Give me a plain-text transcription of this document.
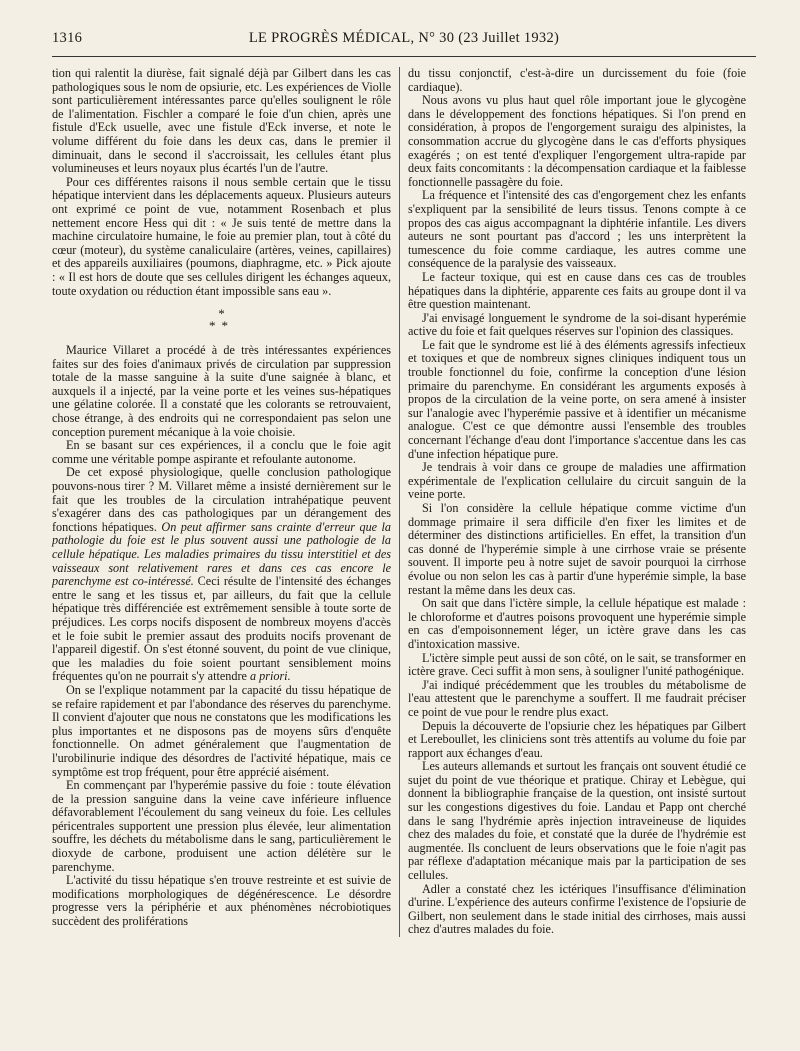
1316	LE PROGRÈS MÉDICAL, N° 30 (23 Juillet 1932)

tion qui ralentit la diurèse, fait signalé déjà par Gilbert dans les cas pathologiques sous le nom de opsiurie, etc. Les expériences de Violle sont particulièrement intéressantes parce qu'elles soulignent le rôle de l'alimentation. Fischler a comparé le foie d'un chien, après une fistule d'Eck usuelle, avec une fistule d'Eck inverse, et note le volume différent du foie dans les deux cas, dans le premier il diminuait, dans le second il s'accroissait, les cellules étant plus volumineuses et leurs noyaux plus écartés l'un de l'autre.

Pour ces différentes raisons il nous semble certain que le tissu hépatique intervient dans les déplacements aqueux. Plusieurs auteurs ont exprimé ce point de vue, notamment Rosenbach et plus nettement encore Hess qui dit : « Je suis tenté de mettre dans la machine circulatoire humaine, le foie au premier plan, tout à côté du cœur (moteur), du système canaliculaire (artères, veines, capillaires) et des appareils auxiliaires (poumons, diaphragme, etc. » Pick ajoute : « Il est hors de doute que ses cellules dirigent les échanges aqueux, toute oxydation ou réduction étant impossible sans eau ».

*
**

Maurice Villaret a procédé à de très intéressantes expériences faites sur des foies d'animaux privés de circulation par suppression totale de la masse sanguine à la suite d'une saignée à blanc, et auxquels il a injecté, par la veine porte et les veines sus-hépatiques une gélatine colorée. Il a constaté que les colorants se retrouvaient, chose étrange, à des endroits qui ne correspondaient pas selon une conception purement mécanique à la voie choisie.

En se basant sur ces expériences, il a conclu que le foie agit comme une véritable pompe aspirante et refoulante autonome.

De cet exposé physiologique, quelle conclusion pathologique pouvons-nous tirer ? M. Villaret même a insisté dernièrement sur le fait que les troubles de la circulation intrahépatique peuvent s'exagérer dans des cas pathologiques par un dérangement des fonctions hépatiques. On peut affirmer sans crainte d'erreur que la pathologie du foie est le plus souvent aussi une pathologie de la cellule hépatique. Les maladies primaires du tissu interstitiel et des vaisseaux sont relativement rares et dans ces cas encore le parenchyme est co-intéressé. Ceci résulte de l'intensité des échanges entre le sang et les tissus et, par ailleurs, du fait que la cellule hépatique très différenciée est extrêmement sensible à toute sorte de préjudices. Les corps nocifs disposent de nombreux moyens d'accès et le foie subit le premier assaut des produits nocifs provenant de l'appareil digestif. On s'est étonné souvent, du point de vue clinique, que les maladies du foie soient pourtant sensiblement moins fréquentes qu'on ne pourrait s'y attendre a priori.

On se l'explique notamment par la capacité du tissu hépatique de se refaire rapidement et par l'abondance des réserves du parenchyme. Il convient d'ajouter que nous ne constatons que les modifications les plus importantes et ne disposons pas de moyens sûrs d'enquête fonctionnelle. On admet généralement que l'augmentation de l'urobilinurie indique des désordres de l'activité hépatique, mais ce symptôme est trop fréquent, pour être apprécié aisément.

En commençant par l'hyperémie passive du foie : toute élévation de la pression sanguine dans la veine cave inférieure influence défavorablement l'écoulement du sang veineux du foie. Les cellules péricentrales supportent une pression plus élevée, leur alimentation souffre, les déchets du métabolisme dans le sang, particulièrement le dioxyde de carbone, produisent une action délétère sur le parenchyme.

L'activité du tissu hépatique s'en trouve restreinte et est suivie de modifications morphologiques de dégénérescence. Le désordre progresse vers la périphérie et aux phénomènes nécrobiotiques succèdent des proliférations

du tissu conjonctif, c'est-à-dire un durcissement du foie (foie cardiaque).

Nous avons vu plus haut quel rôle important joue le glycogène dans le développement des fonctions hépatiques. Si l'on prend en considération, à propos de l'engorgement suraigu des alpinistes, la consommation accrue du glycogène dans le cas d'efforts physiques exagérés ; on est tenté d'expliquer l'engorgement ultra-rapide par deux faits concomitants : la décompensation cardiaque et la faiblesse fonctionnelle passagère du foie.

La fréquence et l'intensité des cas d'engorgement chez les enfants s'expliquent par la sensibilité de leurs tissus. Tenons compte à ce propos des cas aigus accompagnant la diphtérie infantile. Les divers auteurs ne sont pourtant pas d'accord ; les uns interprètent la tumescence du foie comme cardiaque, les autres comme une conséquence de la paralysie des vaisseaux.

Le facteur toxique, qui est en cause dans ces cas de troubles hépatiques dans la diphtérie, apparente ces faits au groupe dont il va être question maintenant.

J'ai envisagé longuement le syndrome de la soi-disant hyperémie active du foie et fait quelques réserves sur l'opinion des classiques.

Le fait que le syndrome est lié à des éléments agressifs infectieux et toxiques et que de nombreux signes cliniques indiquent tous un trouble fonctionnel du foie, confirme la conception d'une lésion primaire du parenchyme. En considérant les arguments exposés à propos de la circulation de la veine porte, on sera amené à insister sur l'analogie avec l'hyperémie passive et à identifier un mécanisme analogue. C'est ce que démontre aussi l'ensemble des troubles concernant l'échange d'eau dont l'importance s'accentue dans les cas d'une infection hépatique pure.

Je tendrais à voir dans ce groupe de maladies une affirmation expérimentale de l'explication cellulaire du circuit sanguin de la veine porte.

Si l'on considère la cellule hépatique comme victime d'un dommage primaire il sera difficile d'en fixer les limites et de déterminer des distinctions artificielles. En effet, la transition d'un cas donné de l'hyperémie simple à une cirrhose vraie se présente souvent. Il importe peu à notre sujet de savoir pourquoi la cirrhose évolue ou non selon les cas à partir d'une hyperémie simple, la base restant la même dans les deux cas.

On sait que dans l'ictère simple, la cellule hépatique est malade : le chloroforme et d'autres poisons provoquent une hyperémie simple en cas d'empoisonnement léger, un ictère grave dans les cas d'intoxication massive.

L'ictère simple peut aussi de son côté, on le sait, se transformer en ictère grave. Ceci suffit à mon sens, à souligner l'unité pathogénique.

J'ai indiqué précédemment que les troubles du métabolisme de l'eau attestent que le parenchyme a souffert. Il me faudrait préciser ce point de vue pour le rendre plus exact.

Depuis la découverte de l'opsiurie chez les hépatiques par Gilbert et Lereboullet, les cliniciens sont très attentifs au volume du foie par rapport aux échanges d'eau.

Les auteurs allemands et surtout les français ont souvent étudié ce sujet du point de vue théorique et pratique. Chiray et Lebègue, qui donnent la bibliographie française de la question, ont insisté surtout sur les congestions digestives du foie. Landau et Papp ont cherché dans le sang l'hydrémie après injection intraveineuse de liquides chez des malades du foie, et constaté que la durée de l'hydrémie est augmentée. Ils concluent de leurs observations que le foie n'agit pas par réflexe d'adaptation mécanique mais par la participation de ses cellules.

Adler a constaté chez les ictériques l'insuffisance d'élimination d'urine. L'expérience des auteurs confirme l'existence de l'opsiurie de Gilbert, non seulement dans le stade initial des cirrhoses, mais aussi chez d'autres malades du foie.
